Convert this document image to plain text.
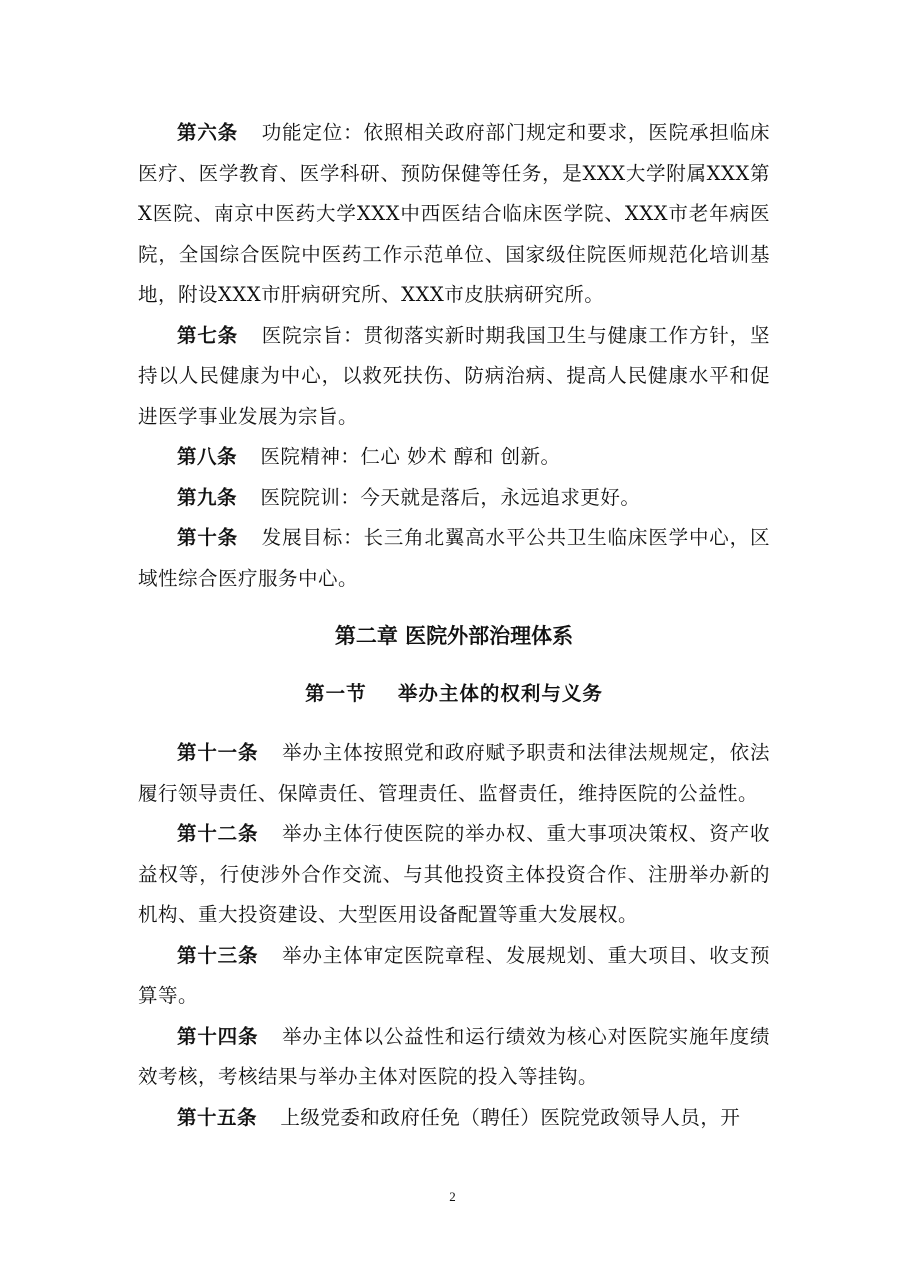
第六条 功能定位：依照相关政府部门规定和要求，医院承担临床医疗、医学教育、医学科研、预防保健等任务，是XXX大学附属XXX第X医院、南京中医药大学XXX中西医结合临床医学院、XXX市老年病医院，全国综合医院中医药工作示范单位、国家级住院医师规范化培训基地，附设XXX市肝病研究所、XXX市皮肤病研究所。

第七条 医院宗旨：贯彻落实新时期我国卫生与健康工作方针，坚持以人民健康为中心，以救死扶伤、防病治病、提高人民健康水平和促进医学事业发展为宗旨。

第八条 医院精神：仁心 妙术 醇和 创新。

第九条 医院院训：今天就是落后，永远追求更好。

第十条 发展目标：长三角北翼高水平公共卫生临床医学中心，区域性综合医疗服务中心。

第二章 医院外部治理体系
第一节 举办主体的权利与义务

第十一条 举办主体按照党和政府赋予职责和法律法规规定，依法履行领导责任、保障责任、管理责任、监督责任，维持医院的公益性。

第十二条 举办主体行使医院的举办权、重大事项决策权、资产收益权等，行使涉外合作交流、与其他投资主体投资合作、注册举办新的机构、重大投资建设、大型医用设备配置等重大发展权。

第十三条 举办主体审定医院章程、发展规划、重大项目、收支预算等。

第十四条 举办主体以公益性和运行绩效为核心对医院实施年度绩效考核，考核结果与举办主体对医院的投入等挂钩。

第十五条 上级党委和政府任免（聘任）医院党政领导人员，开

2
